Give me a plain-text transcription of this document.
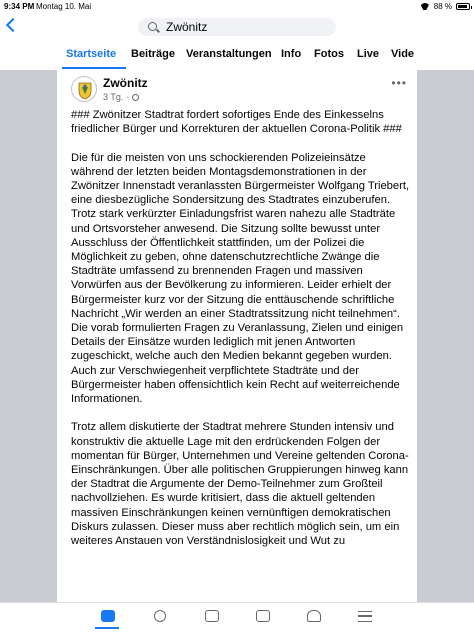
9:34 PM Montag 10. Mai	88 %
Zwönitz
Startseite Beiträge Veranstaltungen Info Fotos Live Vide
Zwönitz
3 Tg. ·
•••

### Zwönitzer Stadtrat fordert sofortiges Ende des Einkesselns friedlicher Bürger und Korrekturen der aktuellen Corona-Politik ###

Die für die meisten von uns schockierenden Polizeieinsätze während der letzten beiden Montagsdemonstrationen in der Zwönitzer Innenstadt veranlassten Bürgermeister Wolfgang Triebert, eine diesbezügliche Sondersitzung des Stadtrates einzuberufen. Trotz stark verkürzter Einladungsfrist waren nahezu alle Stadträte und Ortsvorsteher anwesend. Die Sitzung sollte bewusst unter Ausschluss der Öffentlichkeit stattfinden, um der Polizei die Möglichkeit zu geben, ohne datenschutzrechtliche Zwänge die Stadträte umfassend zu brennenden Fragen und massiven Vorwürfen aus der Bevölkerung zu informieren. Leider erhielt der Bürgermeister kurz vor der Sitzung die enttäuschende schriftliche Nachricht „Wir werden an einer Stadtratssitzung nicht teilnehmen“. Die vorab formulierten Fragen zu Veranlassung, Zielen und einigen Details der Einsätze wurden lediglich mit jenen Antworten zugeschickt, welche auch den Medien bekannt gegeben wurden. Auch zur Verschwiegenheit verpflichtete Stadträte und der Bürgermeister haben offensichtlich kein Recht auf weiterreichende Informationen.

Trotz allem diskutierte der Stadtrat mehrere Stunden intensiv und konstruktiv die aktuelle Lage mit den erdrückenden Folgen der momentan für Bürger, Unternehmen und Vereine geltenden Corona-Einschränkungen. Über alle politischen Gruppierungen hinweg kann der Stadtrat die Argumente der Demo-Teilnehmer zum Großteil nachvollziehen. Es wurde kritisiert, dass die aktuell geltenden massiven Einschränkungen keinen vernünftigen demokratischen Diskurs zulassen. Dieser muss aber rechtlich möglich sein, um ein weiteres Anstauen von Verständnislosigkeit und Wut zu
